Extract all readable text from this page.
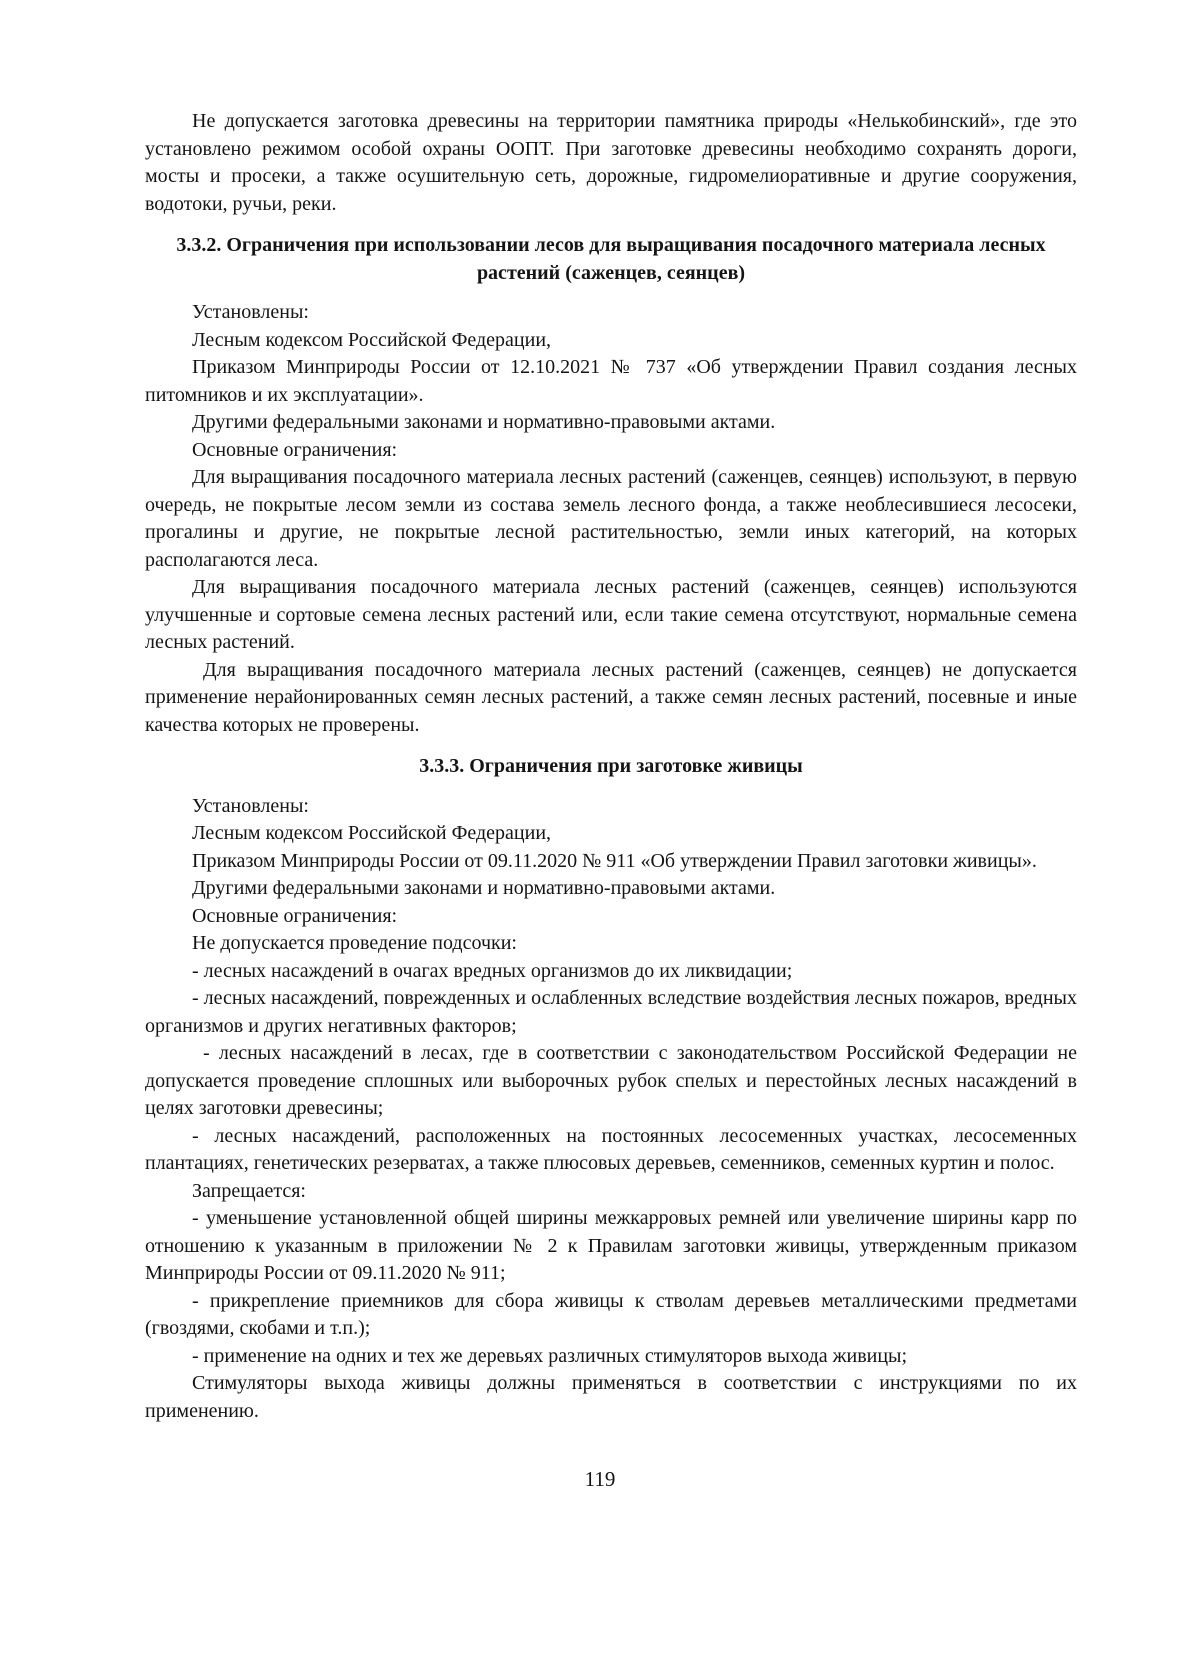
Не допускается заготовка древесины на территории памятника природы «Нелькобинский», где это установлено режимом особой охраны ООПТ. При заготовке древесины необходимо сохранять дороги, мосты и просеки, а также осушительную сеть, дорожные, гидромелиоративные и другие сооружения, водотоки, ручьи, реки.

3.3.2. Ограничения при использовании лесов для выращивания посадочного материала лесных растений (саженцев, сеянцев)

Установлены:

Лесным кодексом Российской Федерации,

Приказом Минприроды России от 12.10.2021 № 737 «Об утверждении Правил создания лесных питомников и их эксплуатации».

Другими федеральными законами и нормативно-правовыми актами.

Основные ограничения:

Для выращивания посадочного материала лесных растений (саженцев, сеянцев) используют, в первую очередь, не покрытые лесом земли из состава земель лесного фонда, а также необлесившиеся лесосеки, прогалины и другие, не покрытые лесной растительностью, земли иных категорий, на которых располагаются леса.

Для выращивания посадочного материала лесных растений (саженцев, сеянцев) используются улучшенные и сортовые семена лесных растений или, если такие семена отсутствуют, нормальные семена лесных растений.

Для выращивания посадочного материала лесных растений (саженцев, сеянцев) не допускается применение нерайонированных семян лесных растений, а также семян лесных растений, посевные и иные качества которых не проверены.

3.3.3. Ограничения при заготовке живицы

Установлены:

Лесным кодексом Российской Федерации,

Приказом Минприроды России от 09.11.2020 № 911 «Об утверждении Правил заготовки живицы».

Другими федеральными законами и нормативно-правовыми актами.

Основные ограничения:

Не допускается проведение подсочки:

- лесных насаждений в очагах вредных организмов до их ликвидации;

- лесных насаждений, поврежденных и ослабленных вследствие воздействия лесных пожаров, вредных организмов и других негативных факторов;

- лесных насаждений в лесах, где в соответствии с законодательством Российской Федерации не допускается проведение сплошных или выборочных рубок спелых и перестойных лесных насаждений в целях заготовки древесины;

- лесных насаждений, расположенных на постоянных лесосеменных участках, лесосеменных плантациях, генетических резерватах, а также плюсовых деревьев, семенников, семенных куртин и полос.

Запрещается:

- уменьшение установленной общей ширины межкарровых ремней или увеличение ширины карр по отношению к указанным в приложении № 2 к Правилам заготовки живицы, утвержденным приказом Минприроды России от 09.11.2020 № 911;

- прикрепление приемников для сбора живицы к стволам деревьев металлическими предметами (гвоздями, скобами и т.п.);

- применение на одних и тех же деревьях различных стимуляторов выхода живицы;

Стимуляторы выхода живицы должны применяться в соответствии с инструкциями по их применению.

119
